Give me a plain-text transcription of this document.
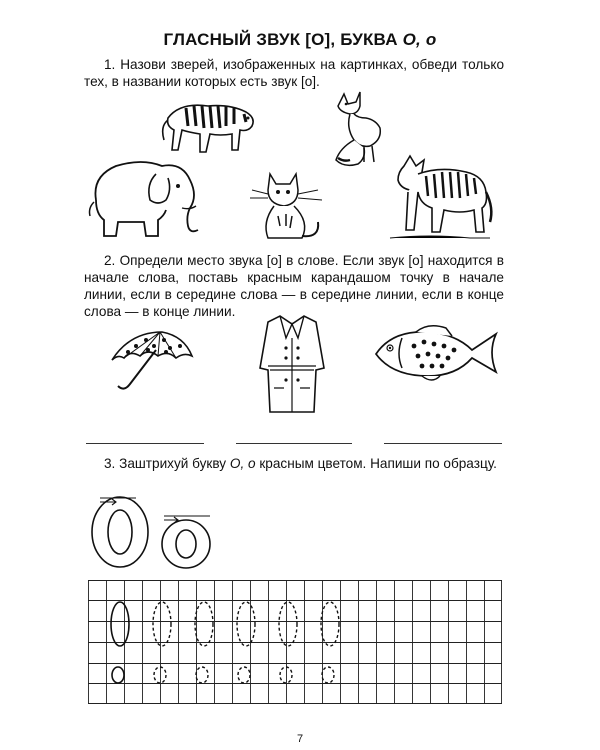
ГЛАСНЫЙ ЗВУК [О], БУКВА О, о
1. Назови зверей, изображенных на картинках, обведи только тех, в названии которых есть звук [о].
2. Определи место звука [о] в слове. Если звук [о] находится в начале слова, поставь красным карандашом точку в начале линии, если в середине слова — в середине линии, если в конце слова — в конце линии.
3. Заштрихуй букву О, о красным цветом. Напиши по образцу.
7
